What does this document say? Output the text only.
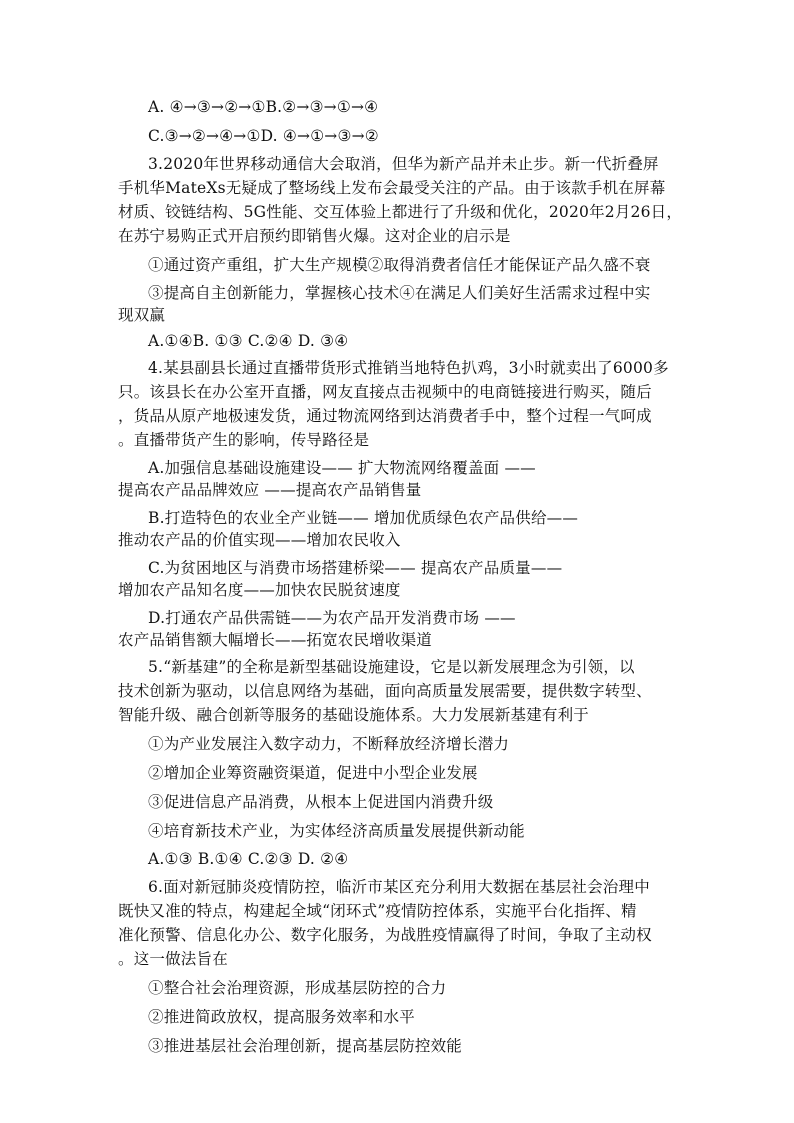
A. ④→③→②→①B.②→③→①→④
C.③→②→④→①D. ④→①→③→②
3.2020年世界移动通信大会取消，但华为新产品并未止步。新一代折叠屏
手机华MateXs无疑成了整场线上发布会最受关注的产品。由于该款手机在屏幕
材质、铰链结构、5G性能、交互体验上都进行了升级和优化，2020年2月26日，
在苏宁易购正式开启预约即销售火爆。这对企业的启示是
①通过资产重组，扩大生产规模②取得消费者信任才能保证产品久盛不衰
③提高自主创新能力，掌握核心技术④在满足人们美好生活需求过程中实
现双赢
A.①④B. ①③ C.②④ D. ③④
4.某县副县长通过直播带货形式推销当地特色扒鸡，3小时就卖出了6000多
只。该县长在办公室开直播，网友直接点击视频中的电商链接进行购买，随后
，货品从原产地极速发货，通过物流网络到达消费者手中，整个过程一气呵成
。直播带货产生的影响，传导路径是
A.加强信息基础设施建设—— 扩大物流网络覆盖面 ——
提高农产品品牌效应 ——提高农产品销售量
B.打造特色的农业全产业链—— 增加优质绿色农产品供给——
推动农产品的价值实现——增加农民收入
C.为贫困地区与消费市场搭建桥梁—— 提高农产品质量——
增加农产品知名度——加快农民脱贫速度
D.打通农产品供需链——为农产品开发消费市场 ——
农产品销售额大幅增长——拓宽农民增收渠道
5.“新基建”的全称是新型基础设施建设，它是以新发展理念为引领，以
技术创新为驱动，以信息网络为基础，面向高质量发展需要，提供数字转型、
智能升级、融合创新等服务的基础设施体系。大力发展新基建有利于
①为产业发展注入数字动力，不断释放经济增长潜力
②增加企业筹资融资渠道，促进中小型企业发展
③促进信息产品消费，从根本上促进国内消费升级
④培育新技术产业，为实体经济高质量发展提供新动能
A.①③ B.①④ C.②③ D. ②④
6.面对新冠肺炎疫情防控，临沂市某区充分利用大数据在基层社会治理中
既快又准的特点，构建起全域“闭环式”疫情防控体系，实施平台化指挥、精
准化预警、信息化办公、数字化服务，为战胜疫情赢得了时间，争取了主动权
。这一做法旨在
①整合社会治理资源，形成基层防控的合力
②推进简政放权，提高服务效率和水平
③推进基层社会治理创新，提高基层防控效能
